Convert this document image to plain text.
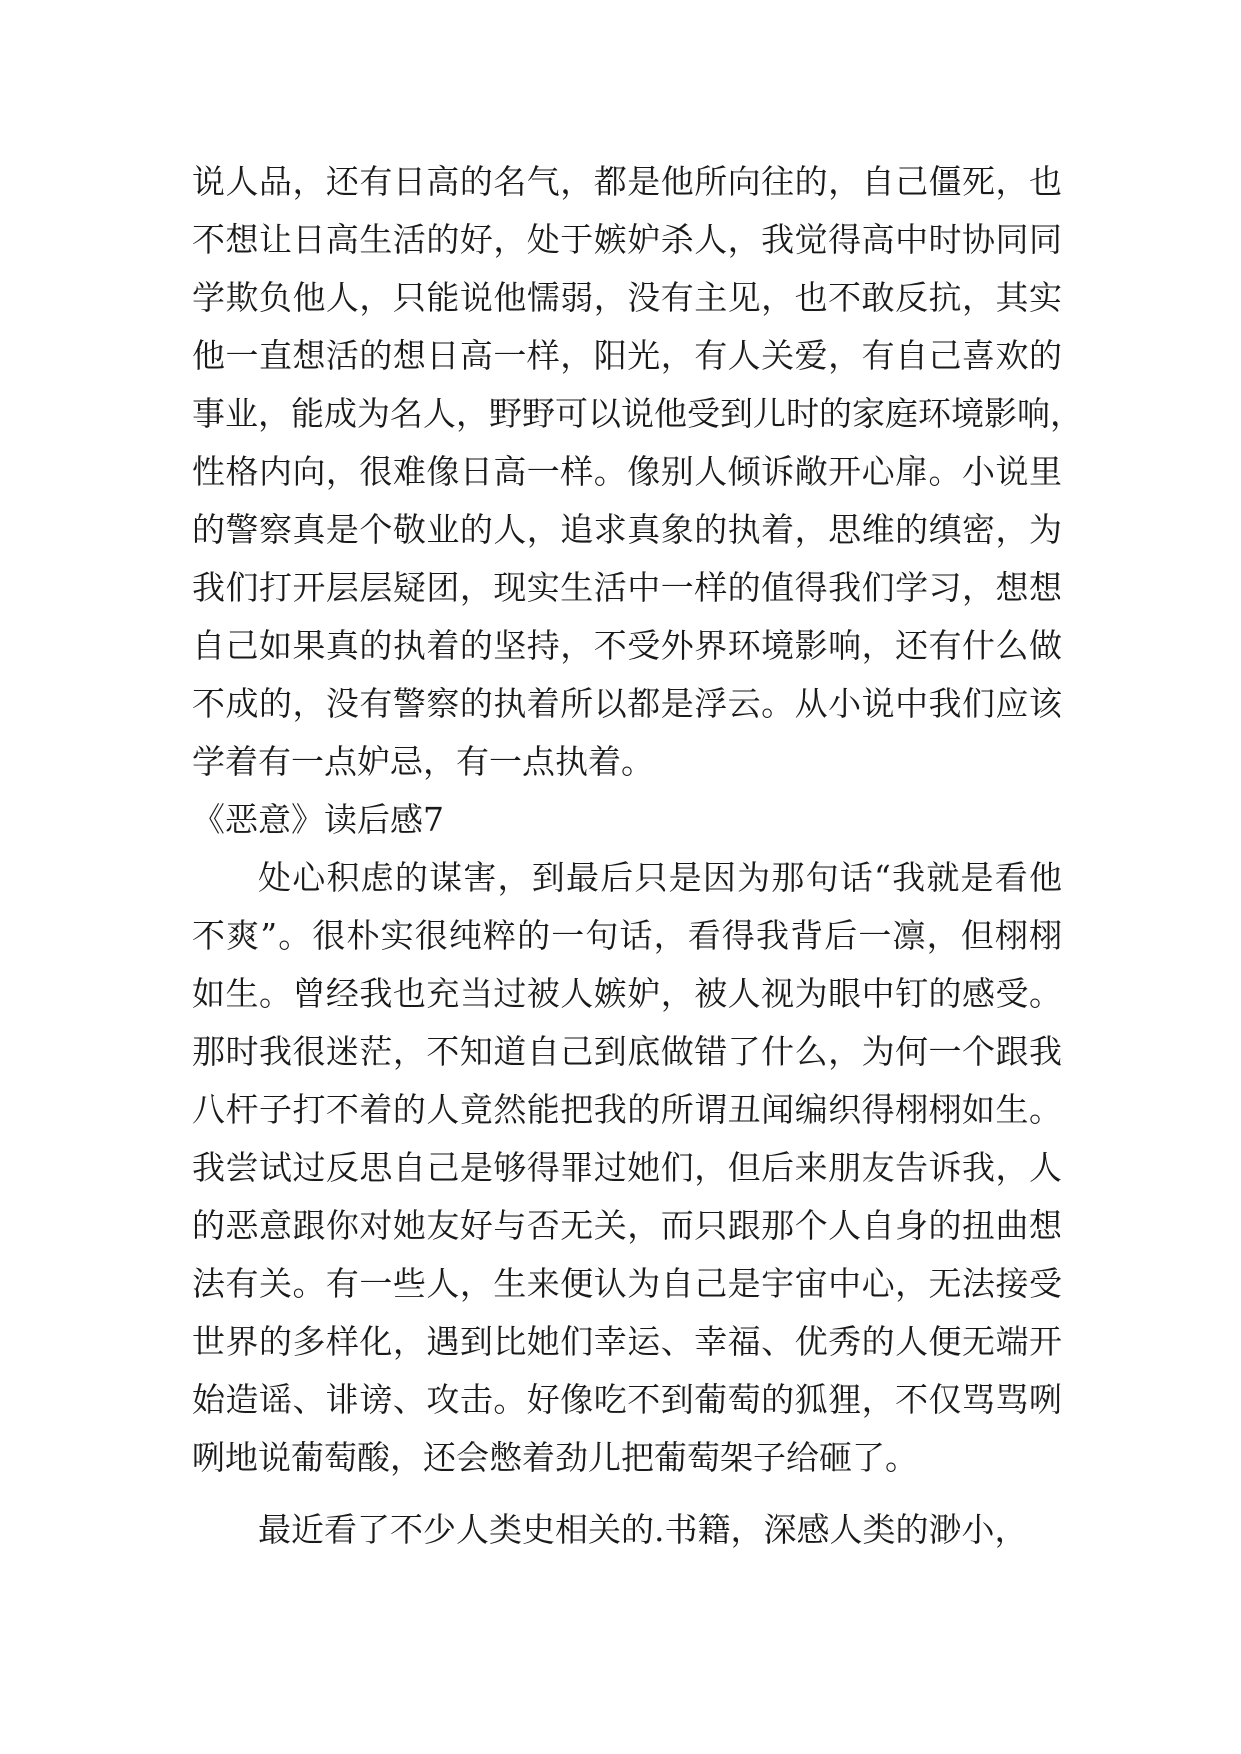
说人品，还有日高的名气，都是他所向往的，自己僵死，也
不想让日高生活的好，处于嫉妒杀人，我觉得高中时协同同
学欺负他人，只能说他懦弱，没有主见，也不敢反抗，其实
他一直想活的想日高一样，阳光，有人关爱，有自己喜欢的
事业，能成为名人，野野可以说他受到儿时的家庭环境影响，
性格内向，很难像日高一样。像别人倾诉敞开心扉。小说里
的警察真是个敬业的人，追求真象的执着，思维的缜密，为
我们打开层层疑团，现实生活中一样的值得我们学习，想想
自己如果真的执着的坚持，不受外界环境影响，还有什么做
不成的，没有警察的执着所以都是浮云。从小说中我们应该
学着有一点妒忌，有一点执着。
《恶意》读后感7
处心积虑的谋害，到最后只是因为那句话“我就是看他
不爽”。很朴实很纯粹的一句话，看得我背后一凛，但栩栩
如生。曾经我也充当过被人嫉妒，被人视为眼中钉的感受。
那时我很迷茫，不知道自己到底做错了什么，为何一个跟我
八杆子打不着的人竟然能把我的所谓丑闻编织得栩栩如生。
我尝试过反思自己是够得罪过她们，但后来朋友告诉我，人
的恶意跟你对她友好与否无关，而只跟那个人自身的扭曲想
法有关。有一些人，生来便认为自己是宇宙中心，无法接受
世界的多样化，遇到比她们幸运、幸福、优秀的人便无端开
始造谣、诽谤、攻击。好像吃不到葡萄的狐狸，不仅骂骂咧
咧地说葡萄酸，还会憋着劲儿把葡萄架子给砸了。
最近看了不少人类史相关的.书籍，深感人类的渺小，
